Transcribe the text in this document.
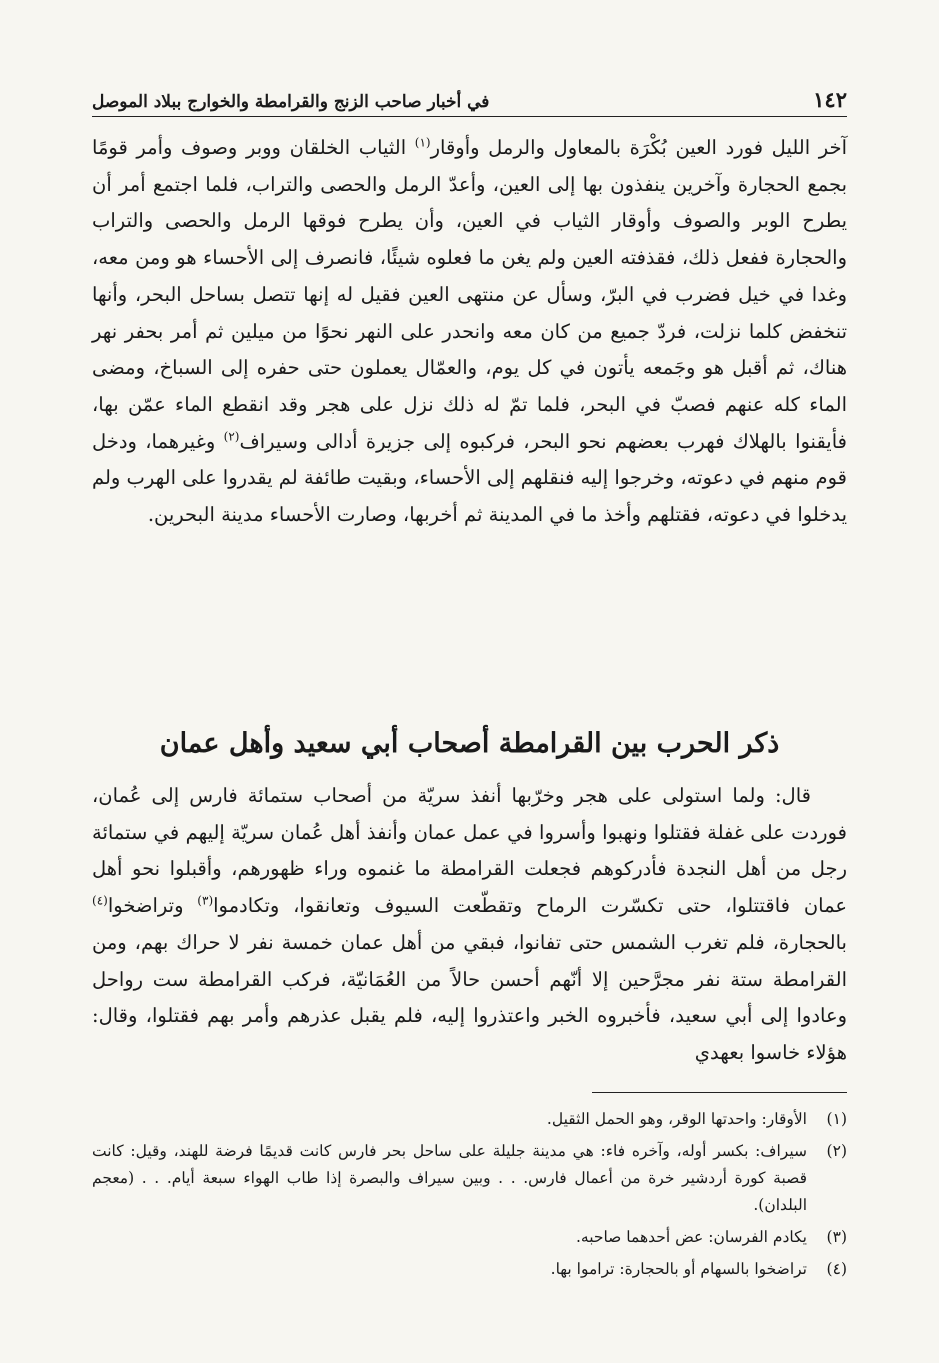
١٤٢
في أخبار صاحب الزنج والقرامطة والخوارج ببلاد الموصل

آخر الليل فورد العين بُكْرَة بالمعاول والرمل وأوقار$^{(١)}$ الثياب الخلقان ووبر وصوف وأمر قومًا بجمع الحجارة وآخرين ينفذون بها إلى العين، وأعدّ الرمل والحصى والتراب، فلما اجتمع أمر أن يطرح الوبر والصوف وأوقار الثياب في العين، وأن يطرح فوقها الرمل والحصى والتراب والحجارة ففعل ذلك، فقذفته العين ولم يغن ما فعلوه شيئًا، فانصرف إلى الأحساء هو ومن معه، وغدا في خيل فضرب في البرّ، وسأل عن منتهى العين فقيل له إنها تتصل بساحل البحر، وأنها تنخفض كلما نزلت، فردّ جميع من كان معه وانحدر على النهر نحوًا من ميلين ثم أمر بحفر نهر هناك، ثم أقبل هو وجَمعه يأتون في كل يوم، والعمّال يعملون حتى حفره إلى السباخ، ومضى الماء كله عنهم فصبّ في البحر، فلما تمّ له ذلك نزل على هجر وقد انقطع الماء عمّن بها، فأيقنوا بالهلاك فهرب بعضهم نحو البحر، فركبوه إلى جزيرة أدالى وسيراف$^{(٢)}$ وغيرهما، ودخل قوم منهم في دعوته، وخرجوا إليه فنقلهم إلى الأحساء، وبقيت طائفة لم يقدروا على الهرب ولم يدخلوا في دعوته، فقتلهم وأخذ ما في المدينة ثم أخربها، وصارت الأحساء مدينة البحرين.

ذكر الحرب بين القرامطة أصحاب أبي سعيد وأهل عمان

قال: ولما استولى على هجر وخرّبها أنفذ سريّة من أصحاب ستمائة فارس إلى عُمان، فوردت على غفلة فقتلوا ونهبوا وأسروا في عمل عمان وأنفذ أهل عُمان سريّة إليهم في ستمائة رجل من أهل النجدة فأدركوهم فجعلت القرامطة ما غنموه وراء ظهورهم، وأقبلوا نحو أهل عمان فاقتتلوا، حتى تكسّرت الرماح وتقطّعت السيوف وتعانقوا، وتكادموا$^{(٣)}$ وتراضخوا$^{(٤)}$ بالحجارة، فلم تغرب الشمس حتى تفانوا، فبقي من أهل عمان خمسة نفر لا حراك بهم، ومن القرامطة ستة نفر مجرَّحين إلا أنّهم أحسن حالاً من العُمَانيّة، فركب القرامطة ست رواحل وعادوا إلى أبي سعيد، فأخبروه الخبر واعتذروا إليه، فلم يقبل عذرهم وأمر بهم فقتلوا، وقال: هؤلاء خاسوا بعهدي

(١)
الأوقار: واحدتها الوقر، وهو الحمل الثقيل.
(٢)
سيراف: بكسر أوله، وآخره فاء: هي مدينة جليلة على ساحل بحر فارس كانت قديمًا فرضة للهند، وقيل: كانت قصبة كورة أردشير خرة من أعمال فارس. . . وبين سيراف والبصرة إذا طاب الهواء سبعة أيام. . . (معجم البلدان).
(٣)
يكادم الفرسان: عض أحدهما صاحبه.
(٤)
تراضخوا بالسهام أو بالحجارة: تراموا بها.
